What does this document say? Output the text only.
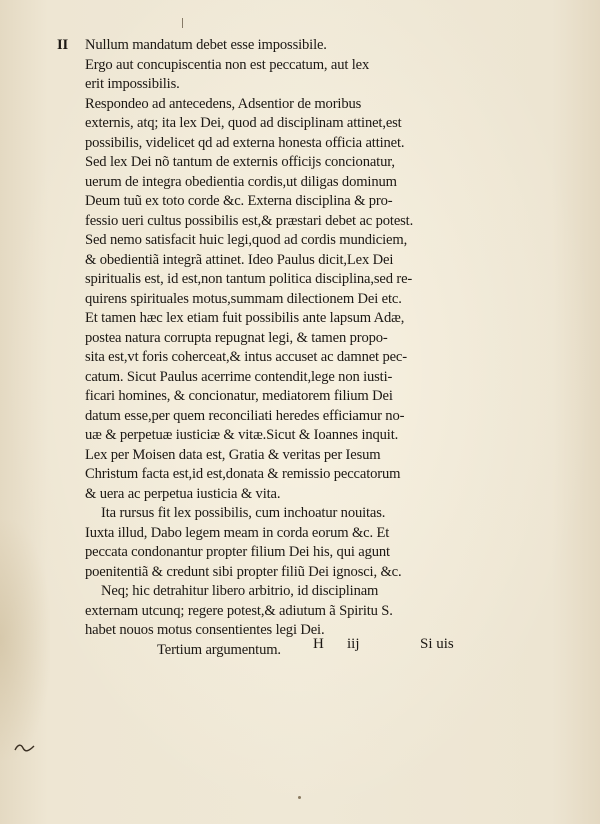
II Nullum mandatum debet esse impossibile.
Ergo aut concupiscentia non est peccatum, aut lex
erit impossibilis.
Respondeo ad antecedens, Adsentior de moribus
externis, atq; ita lex Dei, quod ad disciplinam attinet,est
possibilis, videlicet qd ad externa honesta officia attinet.
Sed lex Dei nõ tantum de externis officijs concionatur,
uerum de integra obedientia cordis,ut diligas dominum
Deum tuũ ex toto corde &c. Externa disciplina & pro-
fessio ueri cultus possibilis est,& præstari debet ac potest.
Sed nemo satisfacit huic legi,quod ad cordis mundiciem,
& obedientiã integrã attinet. Ideo Paulus dicit,Lex Dei
spiritualis est, id est,non tantum politica disciplina,sed re-
quirens spirituales motus,summam dilectionem Dei etc.
Et tamen hæc lex etiam fuit possibilis ante lapsum Adæ,
postea natura corrupta repugnat legi, & tamen propo-
sita est,vt foris coherceat,& intus accuset ac damnet pec-
catum. Sicut Paulus acerrime contendit,lege non iusti-
ficari homines, & concionatur, mediatorem filium Dei
datum esse,per quem reconciliati heredes efficiamur no-
uæ & perpetuæ iusticiæ & vitæ.Sicut & Ioannes inquit.
Lex per Moisen data est, Gratia & veritas per Iesum
Christum facta est,id est,donata & remissio peccatorum
& uera ac perpetua iusticia & vita.
Ita rursus fit lex possibilis, cum inchoatur nouitas.
Iuxta illud, Dabo legem meam in corda eorum &c. Et
peccata condonantur propter filium Dei his, qui agunt
poenitentiã & credunt sibi propter filiũ Dei ignosci, &c.
Neq; hic detrahitur libero arbitrio, id disciplinam
externam utcunq; regere potest,& adiutum ã Spiritu S.
habet nouos motus consentientes legi Dei.
Tertium argumentum.	H iij	Si uis
